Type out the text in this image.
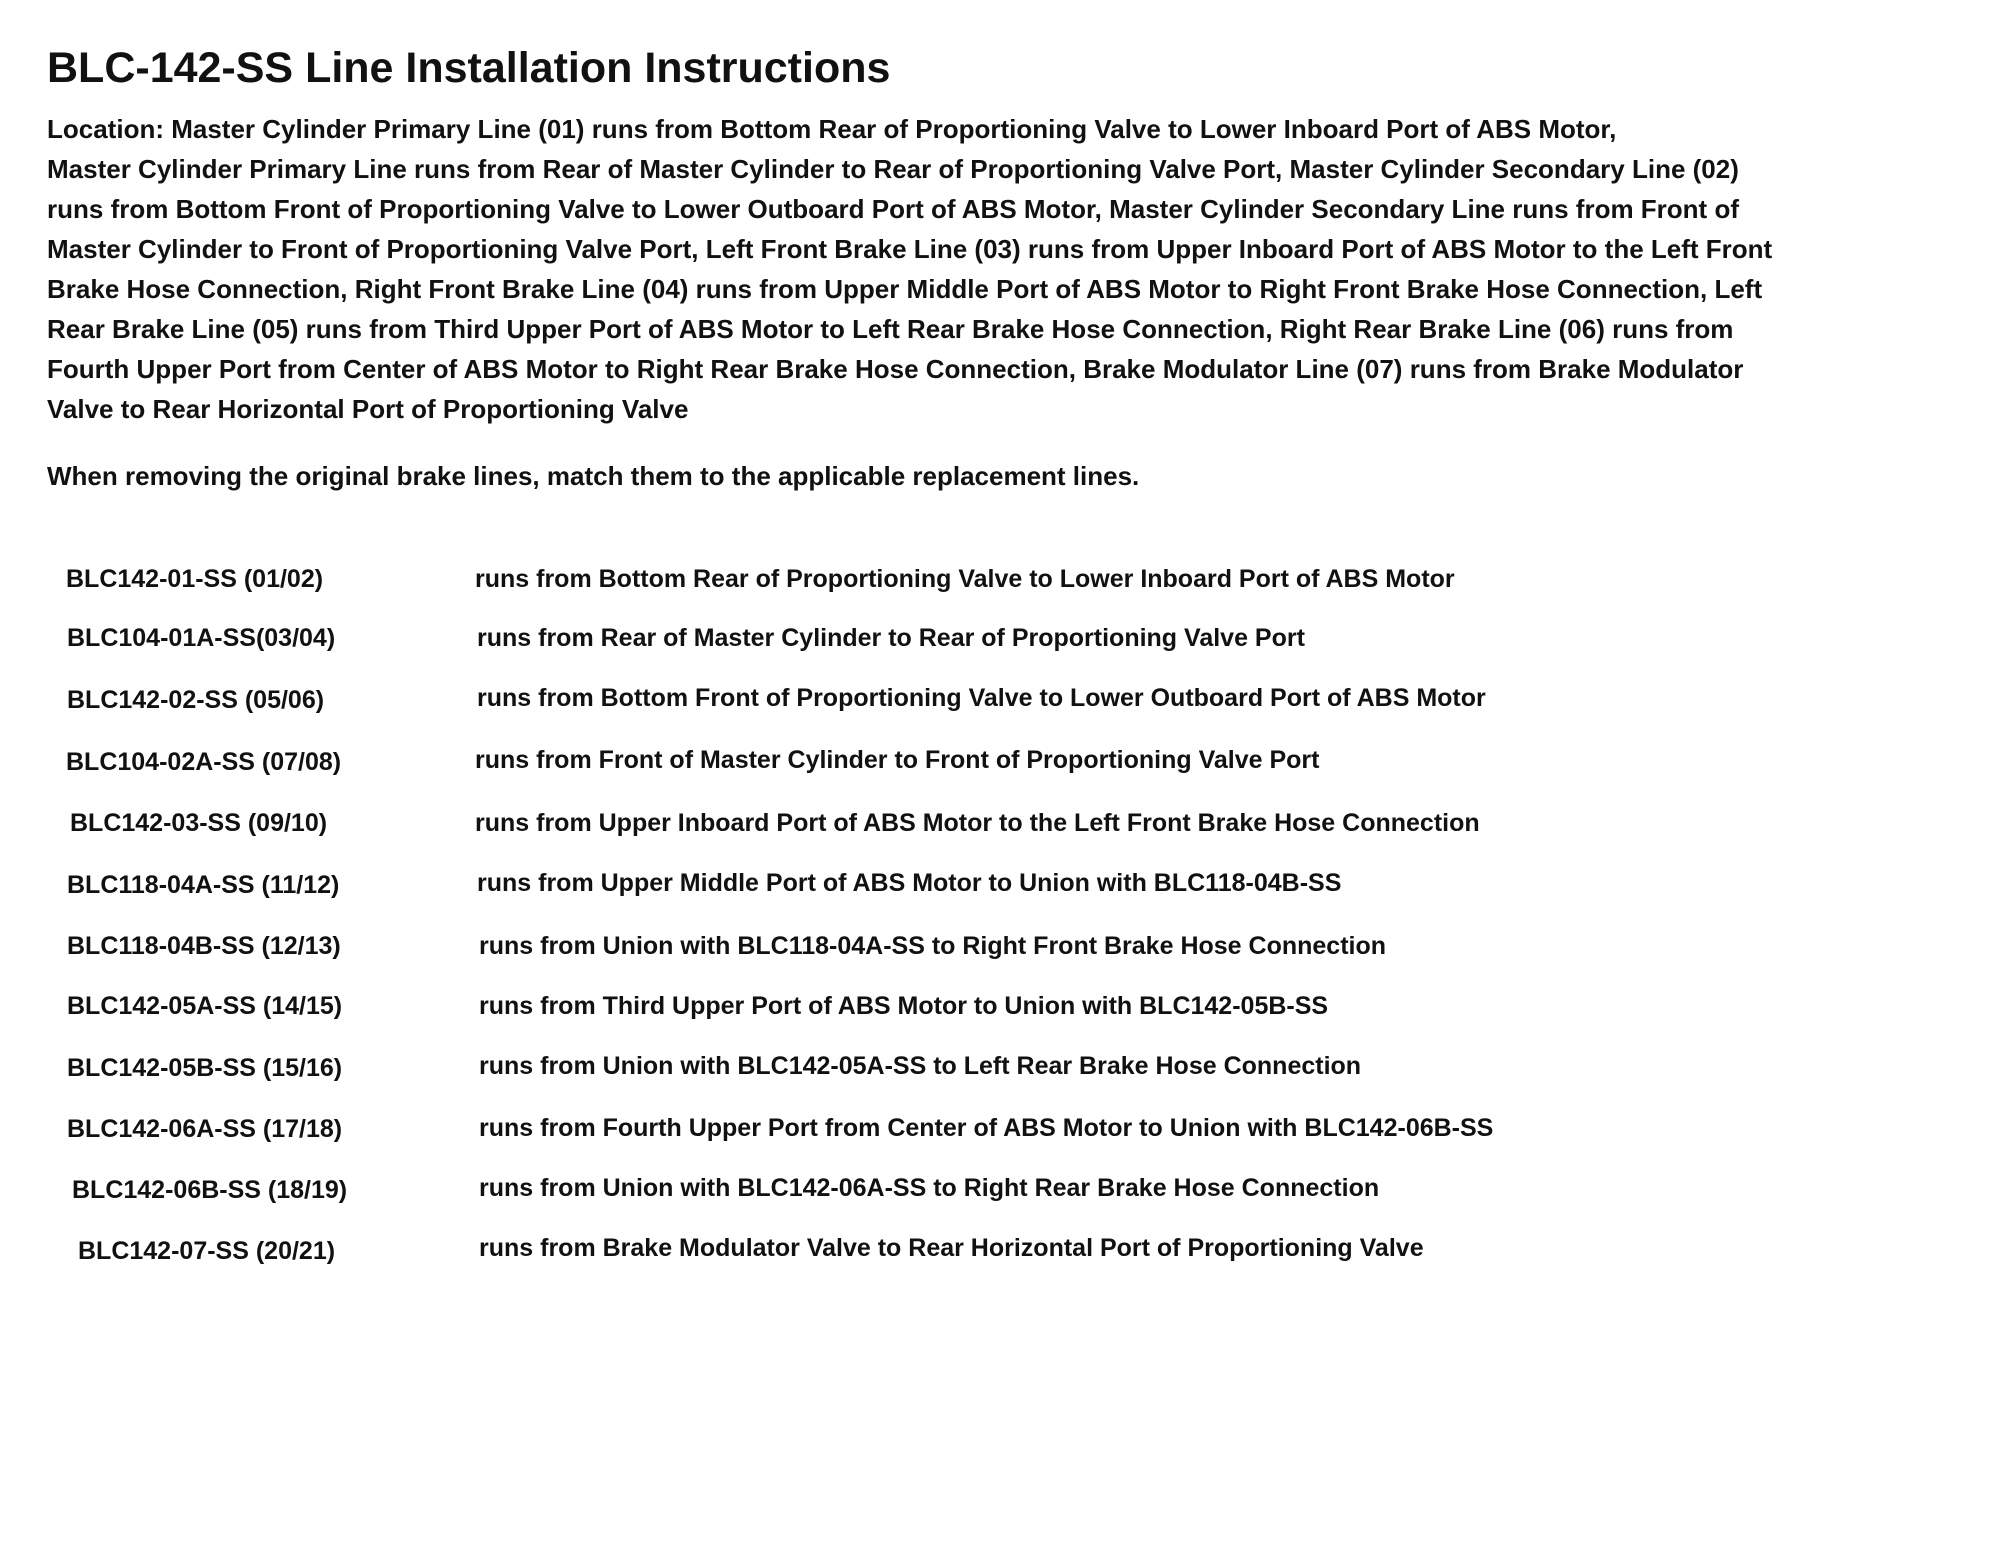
BLC-142-SS Line Installation Instructions

Location: Master Cylinder Primary Line (01) runs from Bottom Rear of Proportioning Valve to Lower Inboard Port of ABS Motor,
Master Cylinder Primary Line runs from Rear of Master Cylinder to Rear of Proportioning Valve Port, Master Cylinder Secondary Line (02)
runs from Bottom Front of Proportioning Valve to Lower Outboard Port of ABS Motor, Master Cylinder Secondary Line runs from Front of
Master Cylinder to Front of Proportioning Valve Port, Left Front Brake Line (03) runs from Upper Inboard Port of ABS Motor to the Left Front
Brake Hose Connection, Right Front Brake Line (04) runs from Upper Middle Port of ABS Motor to Right Front Brake Hose Connection, Left
Rear Brake Line (05) runs from Third Upper Port of ABS Motor to Left Rear Brake Hose Connection, Right Rear Brake Line (06) runs from
Fourth Upper Port from Center of ABS Motor to Right Rear Brake Hose Connection, Brake Modulator Line (07) runs from Brake Modulator
Valve to Rear Horizontal Port of Proportioning Valve

When removing the original brake lines, match them to the applicable replacement lines.

BLC142-01-SS (01/02)	runs from Bottom Rear of Proportioning Valve to Lower Inboard Port of ABS Motor
BLC104-01A-SS(03/04)	runs from Rear of Master Cylinder to Rear of Proportioning Valve Port
BLC142-02-SS (05/06)	runs from Bottom Front of Proportioning Valve to Lower Outboard Port of ABS Motor
BLC104-02A-SS (07/08)	runs from Front of Master Cylinder to Front of Proportioning Valve Port
BLC142-03-SS (09/10)	runs from Upper Inboard Port of ABS Motor to the Left Front Brake Hose Connection
BLC118-04A-SS (11/12)	runs from Upper Middle Port of ABS Motor to Union with BLC118-04B-SS
BLC118-04B-SS (12/13)	runs from Union with BLC118-04A-SS to Right Front Brake Hose Connection
BLC142-05A-SS (14/15)	runs from Third Upper Port of ABS Motor to Union with BLC142-05B-SS
BLC142-05B-SS (15/16)	runs from Union with BLC142-05A-SS to Left Rear Brake Hose Connection
BLC142-06A-SS (17/18)	runs from Fourth Upper Port from Center of ABS Motor to Union with BLC142-06B-SS
BLC142-06B-SS (18/19)	runs from Union with BLC142-06A-SS to Right Rear Brake Hose Connection
BLC142-07-SS (20/21)	runs from Brake Modulator Valve to Rear Horizontal Port of Proportioning Valve
